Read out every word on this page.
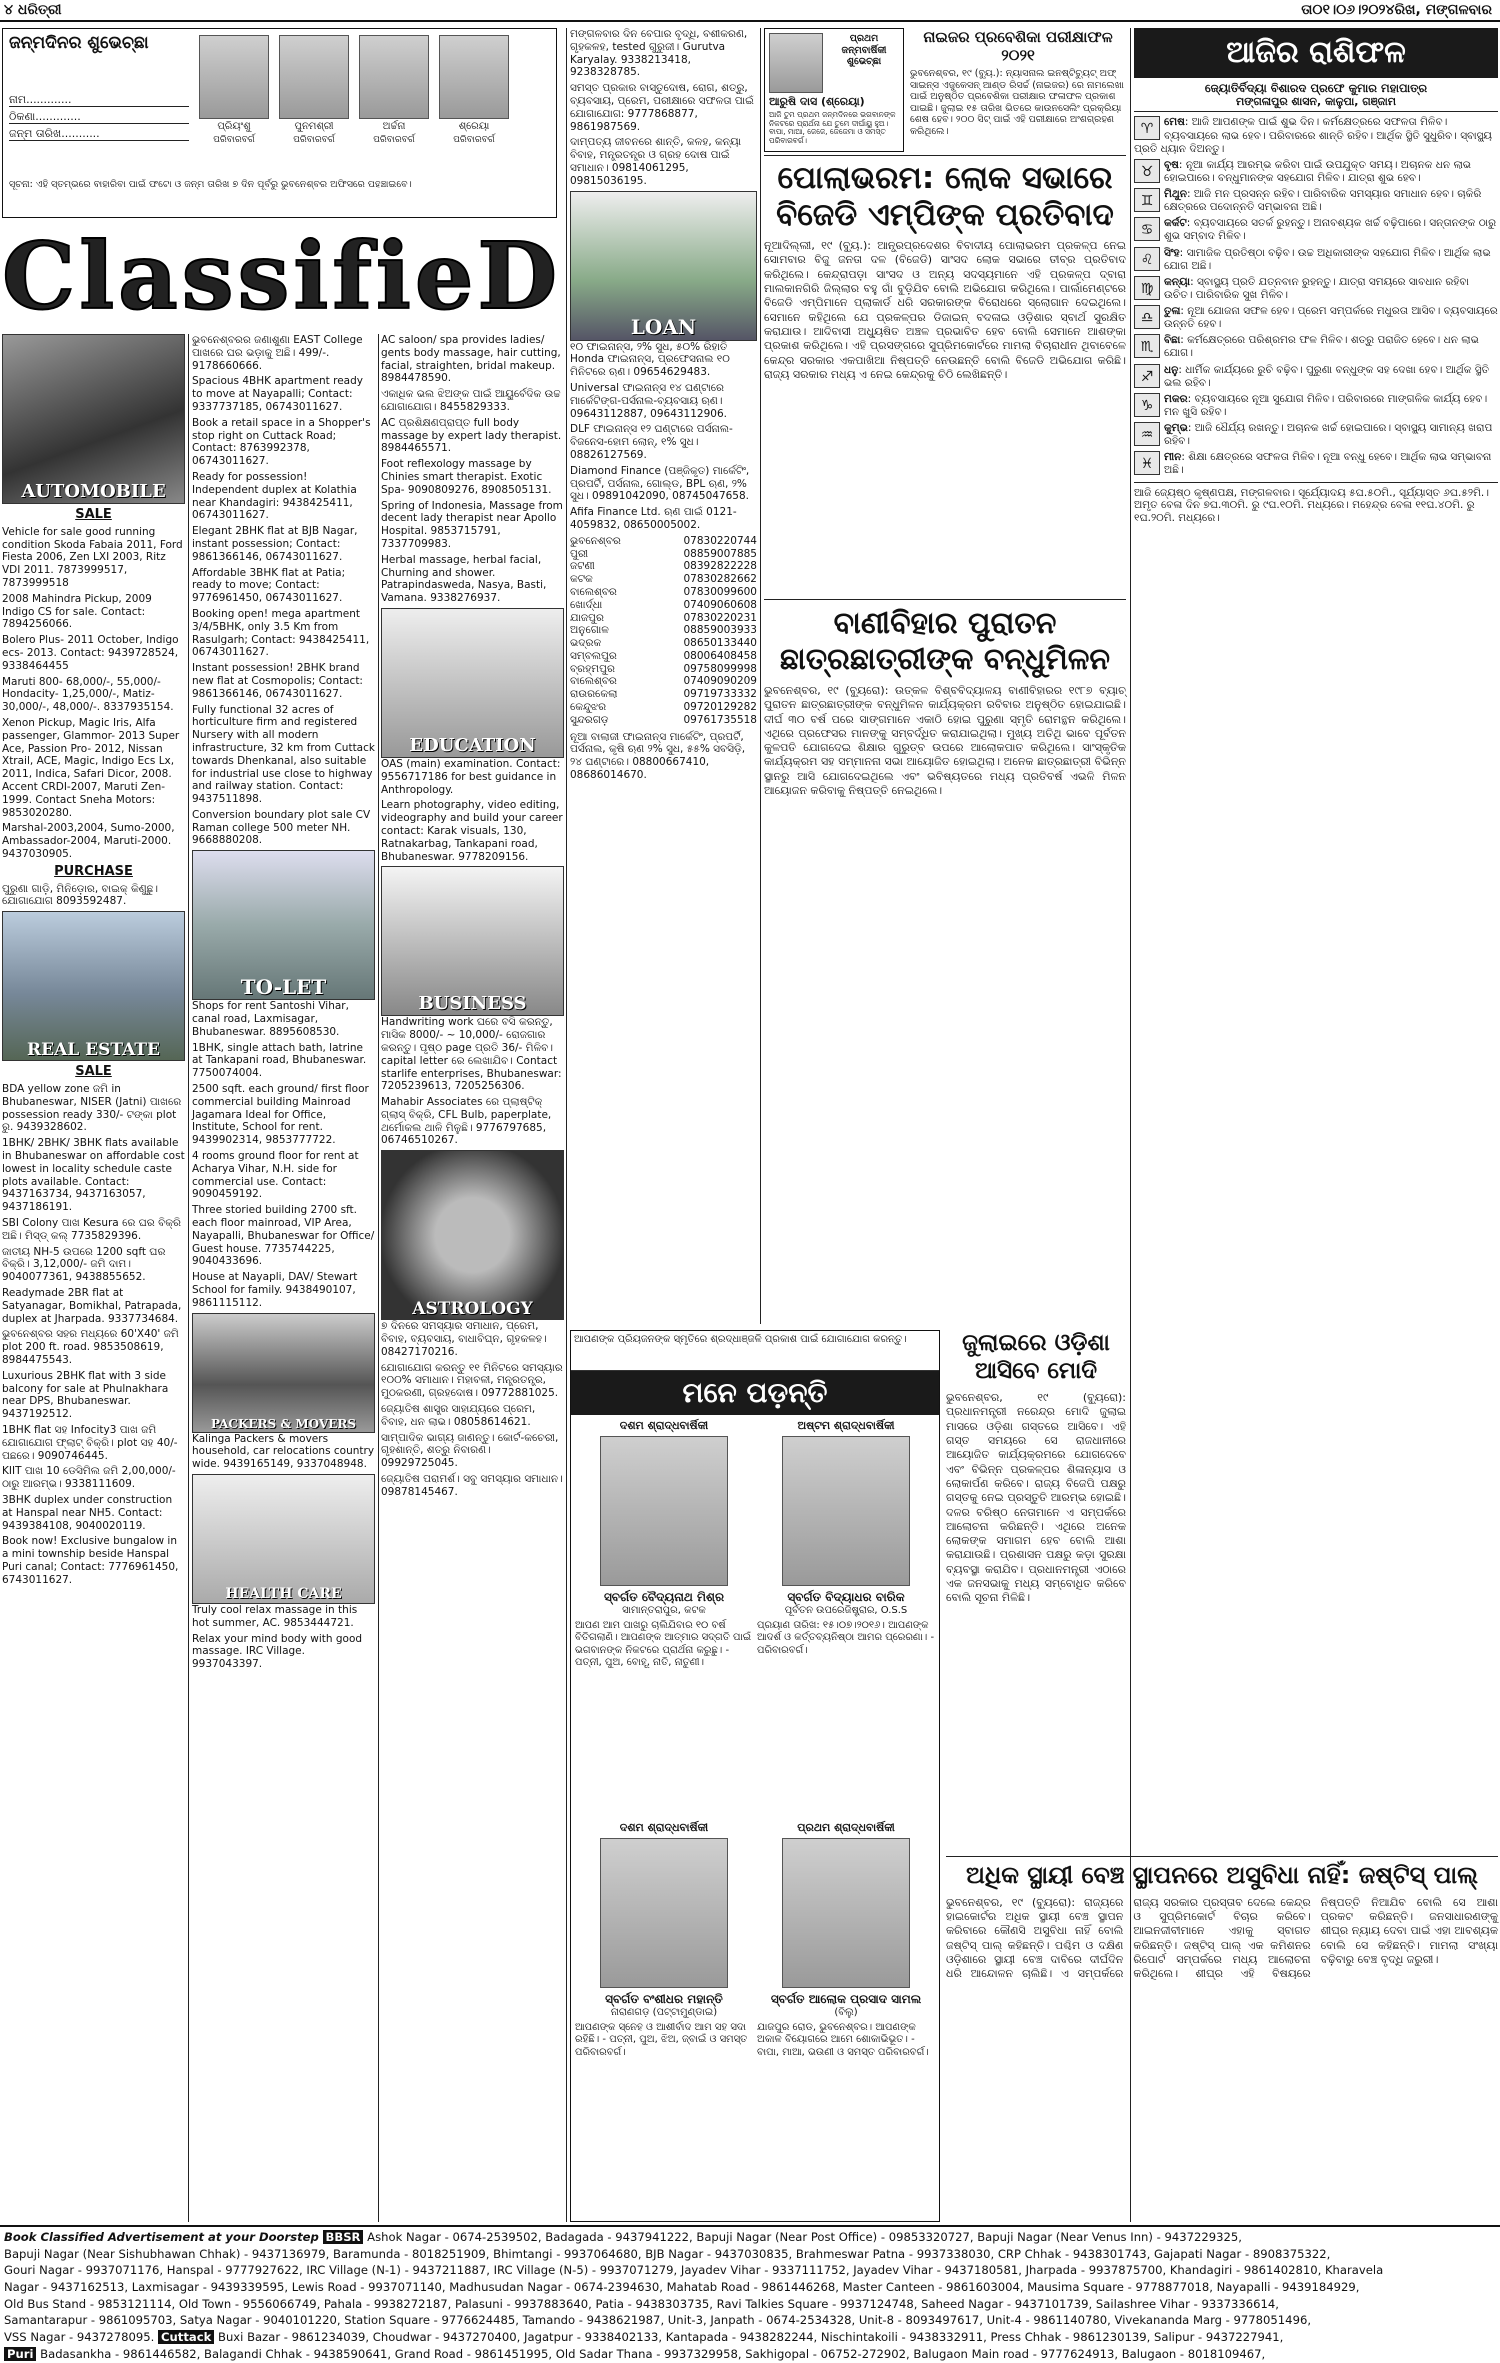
୪ ଧରିତ୍ରୀ	ତା୦୧।୦୬।୨୦୨୪ରିଖ, ମଙ୍ଗଳବାର
ଜନ୍ମଦିନର ଶୁଭେଚ୍ଛା
ନାମ.............
ଠିକଣା.............
ଜନ୍ମ ତାରିଖ...........
ପ୍ରିୟଂଶୁ	ପୁନମଶ୍ରୀ	ଅର୍ଚ୍ଚନା	ଶ୍ରେୟା
ପରିବାରବର୍ଗ	ପରିବାରବର୍ଗ	ପରିବାରବର୍ଗ	ପରିବାରବର୍ଗ
ସୂଚନା: ଏହି ସ୍ତମ୍ଭରେ ବାହାରିବା ପାଇଁ ଫଟୋ ଓ ଜନ୍ମ ତାରିଖ ୭ ଦିନ ପୂର୍ବରୁ ଭୁବନେଶ୍ବର ଅଫିସରେ ପହଞ୍ଚାଇବେ।
ClassifieD
AUTOMOBILE
SALE

Vehicle for sale good running condition Skoda Fabaia 2011, Ford Fiesta 2006, Zen LXI 2003, Ritz VDI 2011. 7873999517, 7873999518

2008 Mahindra Pickup, 2009 Indigo CS for sale. Contact: 7894256066.

Bolero Plus- 2011 October, Indigo ecs- 2013. Contact: 9439728524, 9338464455

Maruti 800- 68,000/-, 55,000/- Hondacity- 1,25,000/-, Matiz- 30,000/-, 48,000/-. 8337935154.

Xenon Pickup, Magic Iris, Alfa passenger, Glammor- 2013 Super Ace, Passion Pro- 2012, Nissan Xtrail, ACE, Magic, Indigo Ecs Lx, 2011, Indica, Safari Dicor, 2008. Accent CRDI-2007, Maruti Zen- 1999. Contact Sneha Motors: 9853020280.

Marshal-2003,2004, Sumo-2000, Ambassador-2004, Maruti-2000. 9437030905.

PURCHASE

ପୁରୁଣା ଗାଡ଼ି, ମିନିଡ଼ୋର, ବାଇକ୍ କିଣୁଛୁ। ଯୋଗାଯୋଗ 8093592487.

REAL ESTATE
SALE

BDA yellow zone ଜମି in Bhubaneswar, NISER (Jatni) ପାଖରେ possession ready 330/- ଟଙ୍କା plot ରୁ. 9439328602.

1BHK/ 2BHK/ 3BHK flats available in Bhubaneswar on affordable cost lowest in locality schedule caste plots available. Contact: 9437163734, 9437163057, 9437186191.

SBI Colony ପାଖ Kesura ରେ ଘର ବିକ୍ରି ଅଛି। ମିସ୍ଡ୍ କଲ୍ 7735829396.

ଜାତୀୟ NH-5 ଉପରେ 1200 sqft ଘର ବିକ୍ରି। 3,12,000/- ଜମି ଦାମ। 9040077361, 9438855652.

Readymade 2BR flat at Satyanagar, Bomikhal, Patrapada, duplex at Jharpada. 9337734684.

ଭୁବନେଶ୍ବର ସହର ମଧ୍ୟରେ 60'X40' ଜମି plot 200 ft. road. 9853508619, 8984475543.

Luxurious 2BHK flat with 3 side balcony for sale at Phulnakhara near DPS, Bhubaneswar. 9437192512.

1BHK flat ସହ Infocity3 ପାଖ ଜମି ଯୋଗାଯୋଗ ଫ୍ଲାଟ୍ ବିକ୍ରି। plot ସହ 40/- ପଛରେ। 9090746445.

KIIT ପାଖ 10 ଡେସିମିଲ ଜମି 2,00,000/- ଠାରୁ ଆରମ୍ଭ। 9338111609.

3BHK duplex under construction at Hanspal near NH5. Contact: 9439384108, 9040020119.

Book now! Exclusive bungalow in a mini township beside Hanspal Puri canal; Contact: 7776961450, 6743011627.

ଭୁବନେଶ୍ବରର ଜଣାଶୁଣା EAST College ପାଖରେ ଘର ଭଡ଼ାକୁ ଅଛି। 499/-. 9178660666.

Spacious 4BHK apartment ready to move at Nayapalli; Contact: 9337737185, 06743011627.

Book a retail space in a Shopper's stop right on Cuttack Road; Contact: 8763992378, 06743011627.

Ready for possession! Independent duplex at Kolathia near Khandagiri: 9438425411, 06743011627.

Elegant 2BHK flat at BJB Nagar, instant possession; Contact: 9861366146, 06743011627.

Affordable 3BHK flat at Patia; ready to move; Contact: 9776961450, 06743011627.

Booking open! mega apartment 3/4/5BHK, only 3.5 Km from Rasulgarh; Contact: 9438425411, 06743011627.

Instant possession! 2BHK brand new flat at Cosmopolis; Contact: 9861366146, 06743011627.

Fully functional 32 acres of horticulture firm and registered Nursery with all modern infrastructure, 32 km from Cuttack towards Dhenkanal, also suitable for industrial use close to highway and railway station. Contact: 9437511898.

Conversion boundary plot sale CV Raman college 500 meter NH. 9668880208.

TO-LET

Shops for rent Santoshi Vihar, canal road, Laxmisagar, Bhubaneswar. 8895608530.

1BHK, single attach bath, latrine at Tankapani road, Bhubaneswar. 7750074004.

2500 sqft. each ground/ first floor commercial building Mainroad Jagamara Ideal for Office, Institute, School for rent. 9439902314, 9853777722.

4 rooms ground floor for rent at Acharya Vihar, N.H. side for commercial use. Contact: 9090459192.

Three storied building 2700 sft. each floor mainroad, VIP Area, Nayapalli, Bhubaneswar for Office/ Guest house. 7735744225, 9040433696.

House at Nayapli, DAV/ Stewart School for family. 9438490107, 9861115112.

PACKERS & MOVERS

Kalinga Packers & movers household, car relocations country wide. 9439165149, 9337048948.

HEALTH CARE

Truly cool relax massage in this hot summer, AC. 9853444721.

Relax your mind body with good massage. IRC Village. 9937043397.

AC saloon/ spa provides ladies/ gents body massage, hair cutting, facial, straighten, bridal makeup. 8984478590.

ଏକାଧିକ ଭଲ ଝିଅଙ୍କ ପାଇଁ ଆୟୁର୍ବେଦିକ ଉଚ୍ଚ ଯୋଗାଯୋଗ। 8455829333.

AC ପ୍ରଶିକ୍ଷଣପ୍ରାପ୍ତ full body massage by expert lady therapist. 8984465571.

Foot reflexology massage by Chinies smart therapist. Exotic Spa- 9090809276, 8908505131.

Spring of Indonesia, Massage from decent lady therapist near Apollo Hospital. 9853715791, 7337709983.

Herbal massage, herbal facial, Churning and shower. Patrapindasweda, Nasya, Basti, Vamana. 9338276937.

EDUCATION

OAS (main) examination. Contact: 9556717186 for best guidance in Anthropology.

Learn photography, video editing, videography and build your career contact: Karak visuals, 130, Ratnakarbag, Tankapani road, Bhubaneswar. 9778209156.

BUSINESS

Handwriting work ଘରେ ବସି କରନ୍ତୁ, ମାସିକ 8000/- ~ 10,000/- ରୋଜଗାର କରନ୍ତୁ। ପୃଷ୍ଠ page ପ୍ରତି 36/- ମିଳିବ। capital letter ରେ ଲେଖାଯିବ। Contact starlife enterprises, Bhubaneswar: 7205239613, 7205256306.

Mahabir Associates ରେ ପ୍ଲାଷ୍ଟିକ୍ ଗ୍ଲାସ୍ ବିକ୍ରି, CFL Bulb, paperplate, ଥର୍ମୋକଲ ଥାଳି ମିଳୁଛି। 9776797685, 06746510267.

ASTROLOGY

୭ ଦିନରେ ସମସ୍ୟାର ସମାଧାନ, ପ୍ରେମ, ବିବାହ, ବ୍ୟବସାୟ, ବାଧାବିଘ୍ନ, ଗୃହକଳହ। 08427170216.

ଯୋଗାଯୋଗ କରନ୍ତୁ ୧୧ ମିନିଟରେ ସମସ୍ୟାର ୧୦୦% ସମାଧାନ। ମହାବଳୀ, ମନ୍ତ୍ରତନ୍ତ୍ର, ମୁଠକରଣୀ, ଗ୍ରହଦୋଷ। 09772881025.

ଜ୍ୟୋତିଷ ଶାସ୍ତ୍ର ସାହାଯ୍ୟରେ ପ୍ରେମ, ବିବାହ, ଧନ ଲାଭ। 08058614621.

ସାମ୍ପାଦିକ ଭାଗ୍ୟ ଜାଣନ୍ତୁ। କୋର୍ଟ-କଚେରୀ, ଗୃହଶାନ୍ତି, ଶତ୍ରୁ ନିବାରଣ। 09929725045.

ଜ୍ୟୋତିଷ ପରାମର୍ଶ। ସବୁ ସମସ୍ୟାର ସମାଧାନ। 09878145467.

ମଙ୍ଗଳବାର ଦିନ ବେପାର ବୃଦ୍ଧି, ବଶୀକରଣ, ଗୃହକଳହ, tested ଗୁରୁଜୀ। Gurutva Karyalay. 9338213418, 9238328785.

ସମସ୍ତ ପ୍ରକାର ବାସ୍ତୁଦୋଷ, ରୋଗ, ଶତ୍ରୁ, ବ୍ୟବସାୟ, ପ୍ରେମ, ପରୀକ୍ଷାରେ ସଫଳତା ପାଇଁ ଯୋଗାଯୋଗ: 9777868877, 9861987569.

ଦାମ୍ପତ୍ୟ ଜୀବନରେ ଶାନ୍ତି, କଳହ, କନ୍ୟା ବିବାହ, ମନ୍ତ୍ରତନ୍ତ୍ର ଓ ଗ୍ରହ ଦୋଷ ପାଇଁ ସମାଧାନ। 09814061295, 09815036195.

LOAN

୧୦ ଫାଇନାନ୍ସ, ୨% ସୁଧ, ୫୦% ରିହାତି Honda ଫାଇନାନ୍ସ, ପ୍ରଫେସନାଲ ୧୦ ମିନିଟରେ ଋଣ। 09654629483.

Universal ଫାଇନାନ୍ସ ୧୪ ଘଣ୍ଟାରେ ମାର୍କେଟିଙ୍ଗ-ପର୍ସନାଲ-ବ୍ୟବସାୟ ଋଣ। 09643112887, 09643112906.

DLF ଫାଇନାନ୍ସ ୧୨ ଘଣ୍ଟାରେ ପର୍ସନାଲ-ବିଜନେସ-ହୋମ ଲୋନ୍, ୧% ସୁଧ। 08826127569.

Diamond Finance (ପଞ୍ଜିକୃତ) ମାର୍କେଟିଂ, ପ୍ରପର୍ଟି, ପର୍ସନାଲ, ଗୋଲ୍ଡ, BPL ଋଣ, ୨% ସୁଧ। 09891042090, 08745047658.

Afifa Finance Ltd. ଋଣ ପାଇଁ 0121-4059832, 08650005002.

ଭୁବନେଶ୍ବର	07830220744
ପୁରୀ	08859007885
ଜଟଣୀ	08392822228
କଟକ	07830282662
ବାଲେଶ୍ବର	07830099600
ଖୋର୍ଦ୍ଧା	07409060608
ଯାଜପୁର	07830220231
ଅନୁଗୋଳ	08859003933
ଭଦ୍ରକ	08650133440
ସମ୍ବଲପୁର	08006408458
ବ୍ରହ୍ମପୁର	09758099998
ବାଲେଶ୍ବର	07409090209
ରାଉରକେଲା	09719733332
କେନ୍ଦୁଝର	09720129282
ସୁନ୍ଦରଗଡ଼	09761735518

ନୂଆ ବାଲାଜୀ ଫାଇନାନ୍ସ ମାର୍କେଟିଂ, ପ୍ରପର୍ଟି, ପର୍ସନାଲ, କୃଷି ଋଣ ୨% ସୁଧ, ୫୫% ସବସିଡ଼ି, ୨୪ ଘଣ୍ଟାରେ। 08800667410, 08686014670.

ପ୍ରଥମ ଜନ୍ମବାର୍ଷିକୀ ଶୁଭେଚ୍ଛା
ଆରୁଷି ଦାସ (ଶ୍ରେୟା)
ଆଜି ତୁମ ପ୍ରଥମ ଜନ୍ମଦିନରେ ଭଗବାନଙ୍କ ନିକଟରେ ପ୍ରାର୍ଥନା ଯେ ତୁମେ ଦୀର୍ଘାୟୁ ହୁଅ। ବାପା, ମାଆ, ଜେଜେ, ଜେଜେମା ଓ ସମସ୍ତ ପରିବାରବର୍ଗ।
ନାଇଜର ପ୍ରବେଶିକା ପରୀକ୍ଷାଫଳ ୨୦୨୧
ଭୁବନେଶ୍ବର, ୧୯ (ବ୍ୟୁ.): ନ୍ୟାସନାଲ ଇନଷ୍ଟିଚ୍ୟୁଟ୍ ଅଫ୍ ସାଇନ୍ସ ଏଜୁକେସନ୍ ଆଣ୍ଡ ରିସର୍ଚ୍ଚ (ନାଇଜର) ରେ ନାମଲେଖା ପାଇଁ ଅନୁଷ୍ଠିତ ପ୍ରବେଶିକା ପରୀକ୍ଷାର ଫଳାଫଳ ପ୍ରକାଶ ପାଇଛି। ଜୁଲାଇ ୧୫ ତାରିଖ ଭିତରେ କାଉନସେଲିଂ ପ୍ରକ୍ରିୟା ଶେଷ ହେବ। ୨୦୦ ସିଟ୍ ପାଇଁ ଏହି ପରୀକ୍ଷାରେ ଅଂଶଗ୍ରହଣ କରିଥିଲେ।
ପୋଲାଭରମ: ଲୋକ ସଭାରେ ବିଜେଡି ଏମ୍‌ପିଙ୍କ ପ୍ରତିବାଦ
ନୂଆଦିଲ୍ଲୀ, ୧୯ (ବ୍ୟୁ.): ଆନ୍ଧ୍ରପ୍ରଦେଶର ବିବାଦୀୟ ପୋଲାଭରମ ପ୍ରକଳ୍ପ ନେଇ ସୋମବାର ବିଜୁ ଜନତା ଦଳ (ବିଜେଡି) ସାଂସଦ ଲୋକ ସଭାରେ ତୀବ୍ର ପ୍ରତିବାଦ କରିଥିଲେ। କେନ୍ଦ୍ରାପଡ଼ା ସାଂସଦ ଓ ଅନ୍ୟ ସଦସ୍ୟମାନେ ଏହି ପ୍ରକଳ୍ପ ଦ୍ବାରା ମାଲକାନଗିରି ଜିଲ୍ଲାର ବହୁ ଗାଁ ବୁଡ଼ିଯିବ ବୋଲି ଅଭିଯୋଗ କରିଥିଲେ। ପାର୍ଲାମେଣ୍ଟରେ ବିଜେଡି ଏମ୍‌ପିମାନେ ପ୍ଲାକାର୍ଡ ଧରି ସରକାରଙ୍କ ବିରୋଧରେ ସ୍ଲୋଗାନ ଦେଇଥିଲେ। ସେମାନେ କହିଥିଲେ ଯେ ପ୍ରକଳ୍ପର ଡିଜାଇନ୍ ବଦଳାଇ ଓଡ଼ିଶାର ସ୍ବାର୍ଥ ସୁରକ୍ଷିତ କରାଯାଉ। ଆଦିବାସୀ ଅଧ୍ୟୁଷିତ ଅଞ୍ଚଳ ପ୍ରଭାବିତ ହେବ ବୋଲି ସେମାନେ ଆଶଙ୍କା ପ୍ରକାଶ କରିଥିଲେ। ଏହି ପ୍ରସଙ୍ଗରେ ସୁପ୍ରିମକୋର୍ଟରେ ମାମଲା ବିଚାରାଧୀନ ଥିବାବେଳେ କେନ୍ଦ୍ର ସରକାର ଏକପାଖିଆ ନିଷ୍ପତ୍ତି ନେଉଛନ୍ତି ବୋଲି ବିଜେଡି ଅଭିଯୋଗ କରିଛି। ରାଜ୍ୟ ସରକାର ମଧ୍ୟ ଏ ନେଇ କେନ୍ଦ୍ରକୁ ଚିଠି ଲେଖିଛନ୍ତି।
ବାଣୀବିହାର ପୁରାତନ ଛାତ୍ରଛାତ୍ରୀଙ୍କ ବନ୍ଧୁମିଳନ
ଭୁବନେଶ୍ବର, ୧୯ (ବ୍ୟୁରୋ): ଉତ୍କଳ ବିଶ୍ବବିଦ୍ୟାଳୟ ବାଣୀବିହାରର ୧୯୮୭ ବ୍ୟାଚ୍ ପୁରାତନ ଛାତ୍ରଛାତ୍ରୀଙ୍କ ବନ୍ଧୁମିଳନ କାର୍ଯ୍ୟକ୍ରମ ରବିବାର ଅନୁଷ୍ଠିତ ହୋଇଯାଇଛି। ଦୀର୍ଘ ୩୦ ବର୍ଷ ପରେ ସାଙ୍ଗମାନେ ଏକାଠି ହୋଇ ପୁରୁଣା ସ୍ମୃତି ରୋମନ୍ଥନ କରିଥିଲେ। ଏଥିରେ ପ୍ରଫେସର ମାନଙ୍କୁ ସମ୍ବର୍ଦ୍ଧିତ କରାଯାଇଥିଲା। ମୁଖ୍ୟ ଅତିଥି ଭାବେ ପୂର୍ବତନ କୁଳପତି ଯୋଗଦେଇ ଶିକ୍ଷାର ଗୁରୁତ୍ବ ଉପରେ ଆଲୋକପାତ କରିଥିଲେ। ସାଂସ୍କୃତିକ କାର୍ଯ୍ୟକ୍ରମ ସହ ସମ୍ମାନନା ସଭା ଆୟୋଜିତ ହୋଇଥିଲା। ଅନେକ ଛାତ୍ରଛାତ୍ରୀ ବିଭିନ୍ନ ସ୍ଥାନରୁ ଆସି ଯୋଗଦେଇଥିଲେ ଏବଂ ଭବିଷ୍ୟତରେ ମଧ୍ୟ ପ୍ରତିବର୍ଷ ଏଭଳି ମିଳନ ଆୟୋଜନ କରିବାକୁ ନିଷ୍ପତ୍ତି ନେଇଥିଲେ।
ଆପଣଙ୍କ ପ୍ରିୟଜନଙ୍କ ସ୍ମୃତିରେ ଶ୍ରଦ୍ଧାଞ୍ଜଳି ପ୍ରକାଶ ପାଇଁ ଯୋଗାଯୋଗ କରନ୍ତୁ।
ମନେ ପଡ଼ନ୍ତି
ଦଶମ ଶ୍ରାଦ୍ଧବାର୍ଷିକୀ
ସ୍ବର୍ଗତ ବୈଦ୍ୟନାଥ ମିଶ୍ର
ସାମାନ୍ତରାପୁର, କଟକ
ଆପଣ ଆମ ପାଖରୁ ଚାଲିଯିବାର ୧୦ ବର୍ଷ ବିତିଗଲାଣି। ଆପଣଙ୍କ ଆତ୍ମାର ସଦ୍‌ଗତି ପାଇଁ ଭଗବାନଙ୍କ ନିକଟରେ ପ୍ରାର୍ଥନା କରୁଛୁ। - ପତ୍ନୀ, ପୁଅ, ବୋହୂ, ନାତି, ନାତୁଣୀ।
ଅଷ୍ଟମ ଶ୍ରାଦ୍ଧବାର୍ଷିକୀ
ସ୍ବର୍ଗତ ବିଦ୍ୟାଧର ବାରିକ
ପୂର୍ବତନ ଉପରେଜିଷ୍ଟ୍ରାର, O.S.S
ପ୍ରୟାଣ ତାରିଖ: ୧୫।୦୭।୨୦୧୬। ଆପଣଙ୍କ ଆଦର୍ଶ ଓ କର୍ତ୍ତବ୍ୟନିଷ୍ଠା ଆମର ପ୍ରେରଣା। - ପରିବାରବର୍ଗ।
ଦଶମ ଶ୍ରାଦ୍ଧବାର୍ଷିକୀ
ସ୍ବର୍ଗତ ବଂଶୀଧର ମହାନ୍ତି
ନାରାଣଗଡ଼ (ପଟ୍ଟାମୁଣ୍ଡାଇ)
ଆପଣଙ୍କ ସ୍ନେହ ଓ ଆଶୀର୍ବାଦ ଆମ ସହ ସଦା ରହିଛି। - ପତ୍ନୀ, ପୁଅ, ଝିଅ, ଜ୍ବାଇଁ ଓ ସମସ୍ତ ପରିବାରବର୍ଗ।
ପ୍ରଥମ ଶ୍ରାଦ୍ଧବାର୍ଷିକୀ
ସ୍ବର୍ଗତ ଆଲୋକ ପ୍ରସାଦ ସାମଲ
(ବିଲୁ)
ଯାଜପୁର ରୋଡ, ଭୁବନେଶ୍ବର। ଆପଣଙ୍କ ଅକାଳ ବିୟୋଗରେ ଆମେ ଶୋକାଭିଭୂତ। - ବାପା, ମାଆ, ଭଉଣୀ ଓ ସମସ୍ତ ପରିବାରବର୍ଗ।
ଜୁଲାଇରେ ଓଡ଼ିଶା ଆସିବେ ମୋଦି
ଭୁବନେଶ୍ବର, ୧୯ (ବ୍ୟୁରୋ): ପ୍ରଧାନମନ୍ତ୍ରୀ ନରେନ୍ଦ୍ର ମୋଦି ଜୁଲାଇ ମାସରେ ଓଡ଼ିଶା ଗସ୍ତରେ ଆସିବେ। ଏହି ଗସ୍ତ ସମୟରେ ସେ ରାଜଧାନୀରେ ଆୟୋଜିତ କାର୍ଯ୍ୟକ୍ରମରେ ଯୋଗଦେବେ ଏବଂ ବିଭିନ୍ନ ପ୍ରକଳ୍ପର ଶିଳାନ୍ୟାସ ଓ ଲୋକାର୍ପଣ କରିବେ। ରାଜ୍ୟ ବିଜେପି ପକ୍ଷରୁ ଗସ୍ତକୁ ନେଇ ପ୍ରସ୍ତୁତି ଆରମ୍ଭ ହୋଇଛି। ଦଳର ବରିଷ୍ଠ ନେତାମାନେ ଏ ସମ୍ପର୍କରେ ଆଲୋଚନା କରିଛନ୍ତି। ଏଥିରେ ଅନେକ ଲୋକଙ୍କ ସମାଗମ ହେବ ବୋଲି ଆଶା କରାଯାଉଛି। ପ୍ରଶାସନ ପକ୍ଷରୁ କଡ଼ା ସୁରକ୍ଷା ବ୍ୟବସ୍ଥା କରାଯିବ। ପ୍ରଧାନମନ୍ତ୍ରୀ ଏଠାରେ ଏକ ଜନସଭାକୁ ମଧ୍ୟ ସମ୍ବୋଧିତ କରିବେ ବୋଲି ସୂଚନା ମିଳିଛି।
ଆଜିର ରାଶିଫଳ
ଜ୍ୟୋତିର୍ବିଦ୍ୟା ବିଶାରଦ ପ୍ରଫେ କୁମାର ମହାପାତ୍ର
ମଙ୍ଗଳାପୁର ଶାସନ, କାଳୁପା, ଗଞ୍ଜାମ

♈	ମେଷ: ଆଜି ଆପଣଙ୍କ ପାଇଁ ଶୁଭ ଦିନ। କର୍ମକ୍ଷେତ୍ରରେ ସଫଳତା ମିଳିବ। ବ୍ୟବସାୟରେ ଲାଭ ହେବ। ପରିବାରରେ ଶାନ୍ତି ରହିବ। ଆର୍ଥିକ ସ୍ଥିତି ସୁଧୁରିବ। ସ୍ବାସ୍ଥ୍ୟ ପ୍ରତି ଧ୍ୟାନ ଦିଅନ୍ତୁ।

♉	ବୃଷ: ନୂଆ କାର୍ଯ୍ୟ ଆରମ୍ଭ କରିବା ପାଇଁ ଉପଯୁକ୍ତ ସମୟ। ଅଚାନକ ଧନ ଲାଭ ହୋଇପାରେ। ବନ୍ଧୁମାନଙ୍କ ସହଯୋଗ ମିଳିବ। ଯାତ୍ରା ଶୁଭ ହେବ।

♊	ମିଥୁନ: ଆଜି ମନ ପ୍ରସନ୍ନ ରହିବ। ପାରିବାରିକ ସମସ୍ୟାର ସମାଧାନ ହେବ। ଚାକିରି କ୍ଷେତ୍ରରେ ପଦୋନ୍ନତି ସମ୍ଭାବନା ଅଛି।

♋	କର୍କଟ: ବ୍ୟବସାୟରେ ସତର୍କ ରୁହନ୍ତୁ। ଅନାବଶ୍ୟକ ଖର୍ଚ୍ଚ ବଢ଼ିପାରେ। ସନ୍ତାନଙ୍କ ଠାରୁ ଶୁଭ ସମ୍ବାଦ ମିଳିବ।

♌	ସିଂହ: ସାମାଜିକ ପ୍ରତିଷ୍ଠା ବଢ଼ିବ। ଉଚ୍ଚ ଅଧିକାରୀଙ୍କ ସହଯୋଗ ମିଳିବ। ଆର୍ଥିକ ଲାଭ ଯୋଗ ଅଛି।

♍	କନ୍ୟା: ସ୍ବାସ୍ଥ୍ୟ ପ୍ରତି ଯତ୍ନବାନ ରୁହନ୍ତୁ। ଯାତ୍ରା ସମୟରେ ସାବଧାନ ରହିବା ଉଚିତ। ପାରିବାରିକ ସୁଖ ମିଳିବ।

♎	ତୁଳା: ନୂଆ ଯୋଜନା ସଫଳ ହେବ। ପ୍ରେମ ସମ୍ପର୍କରେ ମଧୁରତା ଆସିବ। ବ୍ୟବସାୟରେ ଉନ୍ନତି ହେବ।

♏	ବିଛା: କର୍ମକ୍ଷେତ୍ରରେ ପରିଶ୍ରମର ଫଳ ମିଳିବ। ଶତ୍ରୁ ପରାଜିତ ହେବେ। ଧନ ଲାଭ ଯୋଗ।

♐	ଧନୁ: ଧାର୍ମିକ କାର୍ଯ୍ୟରେ ରୁଚି ବଢ଼ିବ। ପୁରୁଣା ବନ୍ଧୁଙ୍କ ସହ ଦେଖା ହେବ। ଆର୍ଥିକ ସ୍ଥିତି ଭଲ ରହିବ।

♑	ମକର: ବ୍ୟବସାୟରେ ନୂଆ ସୁଯୋଗ ମିଳିବ। ପରିବାରରେ ମାଙ୍ଗଳିକ କାର୍ଯ୍ୟ ହେବ। ମନ ଖୁସି ରହିବ।

♒	କୁମ୍ଭ: ଆଜି ଧୈର୍ଯ୍ୟ ରଖନ୍ତୁ। ଅଚାନକ ଖର୍ଚ୍ଚ ହୋଇପାରେ। ସ୍ବାସ୍ଥ୍ୟ ସାମାନ୍ୟ ଖରାପ ରହିବ।

♓	ମୀନ: ଶିକ୍ଷା କ୍ଷେତ୍ରରେ ସଫଳତା ମିଳିବ। ନୂଆ ବନ୍ଧୁ ହେବେ। ଆର୍ଥିକ ଲାଭ ସମ୍ଭାବନା ଅଛି।

ଆଜି ଜ୍ୟେଷ୍ଠ କୃଷ୍ଣପକ୍ଷ, ମଙ୍ଗଳବାର। ସୂର୍ଯ୍ୟୋଦୟ ୫ଘ.୫୦ମି., ସୂର୍ଯ୍ୟାସ୍ତ ୬ଘ.୫୨ମି.। ଅମୃତ ବେଳା ଦିନ ୭ଘ.୩୦ମି. ରୁ ୯ଘ.୧୦ମି. ମଧ୍ୟରେ। ମହେନ୍ଦ୍ର ବେଳା ୧୧ଘ.୪୦ମି. ରୁ ୧ଘ.୨୦ମି. ମଧ୍ୟରେ।
ଅଧିକ ସ୍ଥାୟୀ ବେଞ୍ଚ ସ୍ଥାପନରେ ଅସୁବିଧା ନାହିଁ: ଜଷ୍ଟିସ୍ ପାଲ୍
ଭୁବନେଶ୍ବର, ୧୯ (ବ୍ୟୁରୋ): ରାଜ୍ୟରେ ହାଇକୋର୍ଟର ଅଧିକ ସ୍ଥାୟୀ ବେଞ୍ଚ ସ୍ଥାପନ କରିବାରେ କୌଣସି ଅସୁବିଧା ନାହିଁ ବୋଲି ଜଷ୍ଟିସ୍ ପାଲ୍ କହିଛନ୍ତି। ପଶ୍ଚିମ ଓ ଦକ୍ଷିଣ ଓଡ଼ିଶାରେ ସ୍ଥାୟୀ ବେଞ୍ଚ ଦାବିରେ ଦୀର୍ଘଦିନ ଧରି ଆନ୍ଦୋଳନ ଚାଲିଛି। ଏ ସମ୍ପର୍କରେ ରାଜ୍ୟ ସରକାର ପ୍ରସ୍ତାବ ଦେଲେ କେନ୍ଦ୍ର ଓ ସୁପ୍ରିମକୋର୍ଟ ବିଚାର କରିବେ। ଆଇନଜୀବୀମାନେ ଏହାକୁ ସ୍ବାଗତ କରିଛନ୍ତି। ଜଷ୍ଟିସ୍ ପାଲ୍ ଏକ କମିଶନର ରିପୋର୍ଟ ସମ୍ପର୍କରେ ମଧ୍ୟ ଆଲୋଚନା କରିଥିଲେ। ଶୀଘ୍ର ଏହି ବିଷୟରେ ନିଷ୍ପତ୍ତି ନିଆଯିବ ବୋଲି ସେ ଆଶା ପ୍ରକଟ କରିଛନ୍ତି। ଜନସାଧାରଣଙ୍କୁ ଶୀଘ୍ର ନ୍ୟାୟ ଦେବା ପାଇଁ ଏହା ଆବଶ୍ୟକ ବୋଲି ସେ କହିଛନ୍ତି। ମାମଲା ସଂଖ୍ୟା ବଢ଼ିବାରୁ ବେଞ୍ଚ ବୃଦ୍ଧି ଜରୁରୀ।
Book Classified Advertisement at your Doorstep BBSR Ashok Nagar - 0674-2539502, Badagada - 9437941222, Bapuji Nagar (Near Post Office) - 09853320727, Bapuji Nagar (Near Venus Inn) - 9437229325,
Bapuji Nagar (Near Sishubhawan Chhak) - 9437136979, Baramunda - 8018251909, Bhimtangi - 9937064680, BJB Nagar - 9437030835, Brahmeswar Patna - 9937338030, CRP Chhak - 9438301743, Gajapati Nagar - 8908375322,
Gouri Nagar - 9937071176, Hanspal - 9777927622, IRC Village (N-1) - 9437211887, IRC Village (N-5) - 9937071279, Jayadev Vihar - 9337111752, Jayadev Vihar - 9437180581, Jharpada - 9937875700, Khandagiri - 9861402810, Kharavela
Nagar - 9437162513, Laxmisagar - 9439339595, Lewis Road - 9937071140, Madhusudan Nagar - 0674-2394630, Mahatab Road - 9861446268, Master Canteen - 9861603004, Mausima Square - 9778877018, Nayapalli - 9439184929,
Old Bus Stand - 9853121114, Old Town - 9556066749, Pahala - 9938272187, Palasuni - 9937883640, Patia - 9438303735, Ravi Talkies Square - 9937124748, Saheed Nagar - 9437101739, Sailashree Vihar - 9337336614,
Samantarapur - 9861095703, Satya Nagar - 9040101220, Station Square - 9776624485, Tamando - 9438621987, Unit-3, Janpath - 0674-2534328, Unit-8 - 8093497617, Unit-4 - 9861140780, Vivekananda Marg - 9778051496,
VSS Nagar - 9437278095. Cuttack Buxi Bazar - 9861234039, Choudwar - 9437270400, Jagatpur - 9338402133, Kantapada - 9438282244, Nischintakoili - 9438332911, Press Chhak - 9861230139, Salipur - 9437227941,
Puri Badasankha - 9861446582, Balagandi Chhak - 9438590641, Grand Road - 9861451995, Old Sadar Thana - 9937329958, Sakhigopal - 06752-272902, Balugaon Main road - 9777624913, Balugaon - 8018109467,
